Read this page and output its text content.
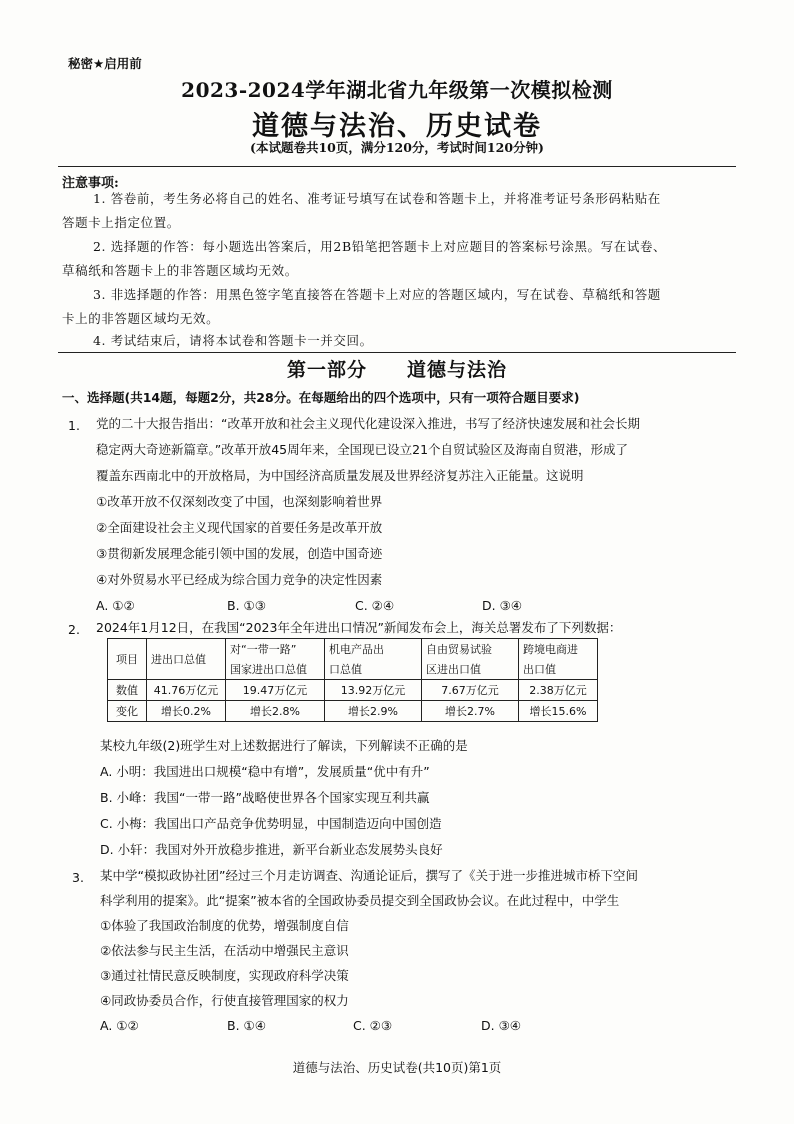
秘密★启用前
2023-2024学年湖北省九年级第一次模拟检测
道德与法治、历史试卷
(本试题卷共10页，满分120分，考试时间120分钟)
注意事项:
1. 答卷前，考生务必将自己的姓名、准考证号填写在试卷和答题卡上，并将准考证号条形码粘贴在
答题卡上指定位置。
2. 选择题的作答：每小题选出答案后，用2B铅笔把答题卡上对应题目的答案标号涂黑。写在试卷、
草稿纸和答题卡上的非答题区域均无效。
3. 非选择题的作答：用黑色签字笔直接答在答题卡上对应的答题区域内，写在试卷、草稿纸和答题
卡上的非答题区域均无效。
4. 考试结束后，请将本试卷和答题卡一并交回。
第一部分　　道德与法治
一、选择题(共14题，每题2分，共28分。在每题给出的四个选项中，只有一项符合题目要求)
1. 党的二十大报告指出：“改革开放和社会主义现代化建设深入推进，书写了经济快速发展和社会长期
稳定两大奇迹新篇章。”改革开放45周年来，全国现已设立21个自贸试验区及海南自贸港，形成了
覆盖东西南北中的开放格局，为中国经济高质量发展及世界经济复苏注入正能量。这说明
①改革开放不仅深刻改变了中国，也深刻影响着世界
②全面建设社会主义现代国家的首要任务是改革开放
③贯彻新发展理念能引领中国的发展，创造中国奇迹
④对外贸易水平已经成为综合国力竞争的决定性因素
A. ①②	B. ①③	C. ②④	D. ③④
2. 2024年1月12日，在我国“2023年全年进出口情况”新闻发布会上，海关总署发布了下列数据：
项目	进出口总值	对“一带一路”	机电产品出	自由贸易试验	跨境电商进
		国家进出口总值	口总值	区进出口值	出口值
数值	41.76万亿元	19.47万亿元	13.92万亿元	7.67万亿元	2.38万亿元
变化	增长0.2%	增长2.8%	增长2.9%	增长2.7%	增长15.6%
某校九年级(2)班学生对上述数据进行了解读，下列解读不正确的是
A. 小明：我国进出口规模“稳中有增”，发展质量“优中有升”
B. 小峰：我国“一带一路”战略使世界各个国家实现互利共赢
C. 小梅：我国出口产品竞争优势明显，中国制造迈向中国创造
D. 小轩：我国对外开放稳步推进，新平台新业态发展势头良好
3. 某中学“模拟政协社团”经过三个月走访调查、沟通论证后，撰写了《关于进一步推进城市桥下空间
科学利用的提案》。此“提案”被本省的全国政协委员提交到全国政协会议。在此过程中，中学生
①体验了我国政治制度的优势，增强制度自信
②依法参与民主生活，在活动中增强民主意识
③通过社情民意反映制度，实现政府科学决策
④同政协委员合作，行使直接管理国家的权力
A. ①②	B. ①④	C. ②③	D. ③④
道德与法治、历史试卷(共10页)第1页
